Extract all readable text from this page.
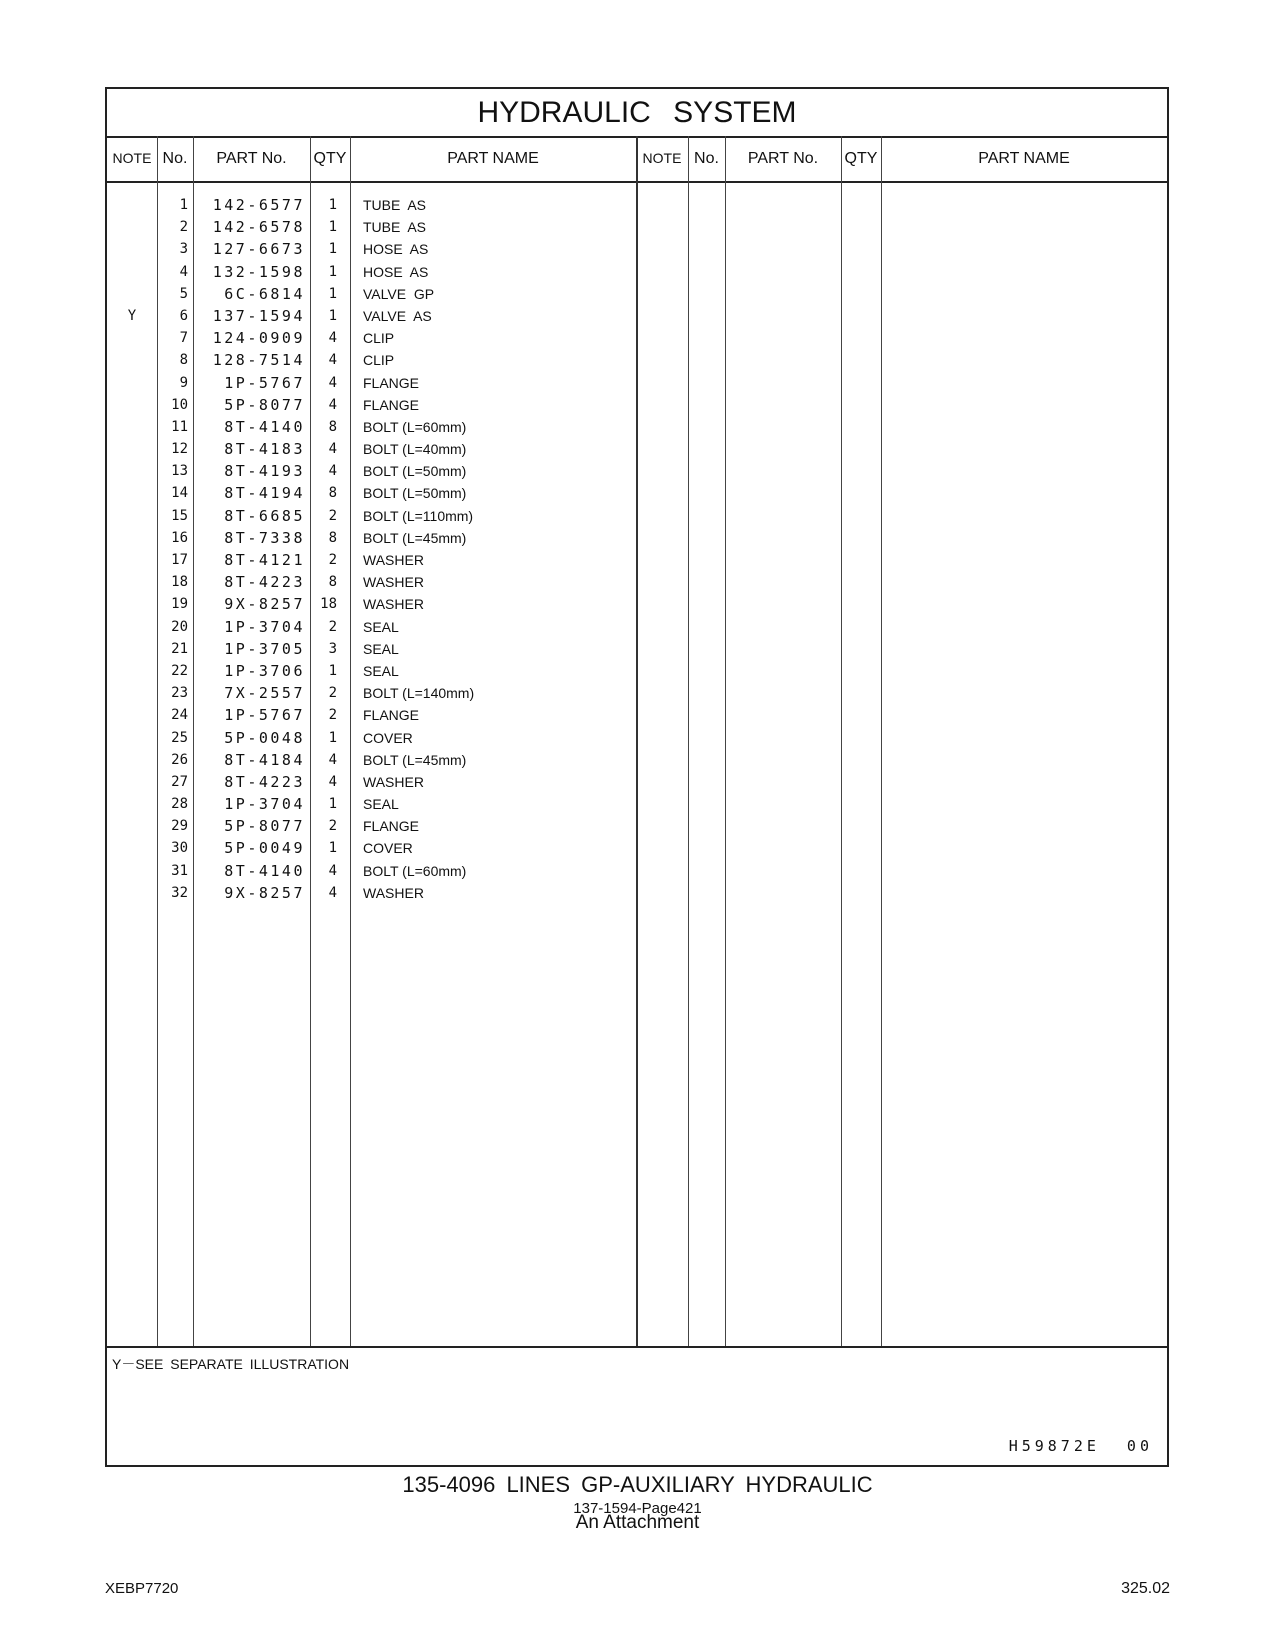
HYDRAULIC SYSTEM
NOTE No.	PART No.	QTY	PART NAME	NOTE No.	PART No.	QTY	PART NAME
1	142-6577	1 TUBE  AS
2	142-6578	1 TUBE  AS
3	127-6673	1 HOSE  AS
4	132-1598	1 HOSE  AS
5	6C-6814	1 VALVE  GP
Y	6	137-1594	1 VALVE  AS
7	124-0909	4 CLIP
8	128-7514	4 CLIP
9	1P-5767	4 FLANGE
10	5P-8077	4 FLANGE
11	8T-4140	8 BOLT (L=60mm)
12	8T-4183	4 BOLT (L=40mm)
13	8T-4193	4 BOLT (L=50mm)
14	8T-4194	8 BOLT (L=50mm)
15	8T-6685	2 BOLT (L=110mm)
16	8T-7338	8 BOLT (L=45mm)
17	8T-4121	2 WASHER
18	8T-4223	8 WASHER
19	9X-8257	18 WASHER
20	1P-3704	2 SEAL
21	1P-3705	3 SEAL
22	1P-3706	1 SEAL
23	7X-2557	2 BOLT (L=140mm)
24	1P-5767	2 FLANGE
25	5P-0048	1 COVER
26	8T-4184	4 BOLT (L=45mm)
27	8T-4223	4 WASHER
28	1P-3704	1 SEAL
29	5P-8077	2 FLANGE
30	5P-0049	1 COVER
31	8T-4140	4 BOLT (L=60mm)
32	9X-8257	4 WASHER
Y－SEE SEPARATE ILLUSTRATION
H59872E 00
135-4096 LINES GP-AUXILIARY HYDRAULIC
137-1594-Page421
An Attachment
XEBP7720	325.02
